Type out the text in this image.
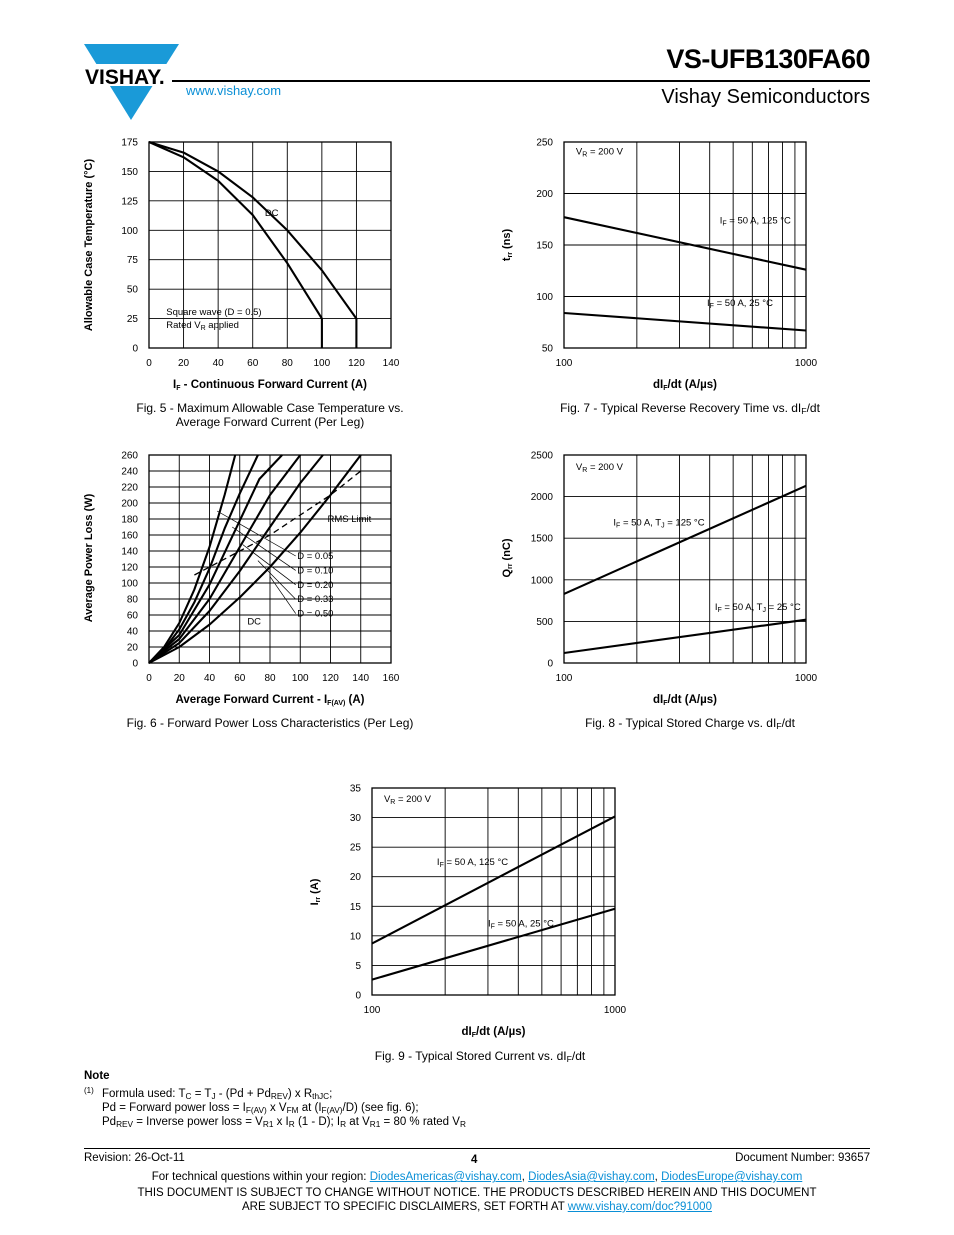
VISHAY.
VS-UFB130FA60
Vishay Semiconductors
www.vishay.com
0	20 40 60 80 100 120 140
0
25
50
75
100
125
150
175
IF - Continuous Forward Current (A)
Allowable Case Temperature (°C)	DC
Square wave (D = 0.5)
Rated $V_R$ applied
100	1000
50
100
150
200
250
dIF/dt (A/µs)
trr (ns)
$V_R = 200$ V
$I_F = 50$ A, 125 °C
$I_F = 50$ A, 25 °C
0 20 40 60 80 100 120 140 160
0
20
40
60
80
100
120
140
160
180
200
220
240
260
Average Forward Current - IF(AV) (A)
Average Power Loss (W)	RMS Limit
D = 0.05
D = 0.10
D = 0.20
D = 0.33
D = 0.50
DC
100	1000
0
500
1000
1500
2000
2500
dIF/dt (A/µs)
Qrr (nC)
$V_R = 200$ V
$I_F = 50$ A, $T_J = 125$ °C
$I_F = 50$ A, $T_J = 25$ °C
100	1000
0
5
10
15
20
25
30
35
dIF/dt (A/µs)
Irr (A)
$V_R = 200$ V
$I_F = 50$ A, 125 °C
$I_F = 50$ A, 25 °C
Fig. 5 - Maximum Allowable Case Temperature vs.
Average Forward Current (Per Leg)
Fig. 7 - Typical Reverse Recovery Time vs. $dI_F/dt$
Fig. 6 - Forward Power Loss Characteristics (Per Leg)	Fig. 8 - Typical Stored Charge vs. $dI_F/dt$
Fig. 9 - Typical Stored Current vs. $dI_F/dt$
Note
(1) Formula used: $T_C = T_J - (Pd + Pd_{REV})$ x $R_{thJC}$;
Pd = Forward power loss = $I_{F(AV)}$ x $V_{FM}$ at $(I_{F(AV)}/D)$ (see fig. 6);
$Pd_{REV}$ = Inverse power loss = $V_{R1}$ x $I_R$ (1 - D); $I_R$ at $V_{R1} = 80$ % rated $V_R$
Revision: 26-Oct-11	4	Document Number: 93657
For technical questions within your region: DiodesAmericas@vishay.com, DiodesAsia@vishay.com, DiodesEurope@vishay.com
THIS DOCUMENT IS SUBJECT TO CHANGE WITHOUT NOTICE. THE PRODUCTS DESCRIBED HEREIN AND THIS DOCUMENT
ARE SUBJECT TO SPECIFIC DISCLAIMERS, SET FORTH AT www.vishay.com/doc?91000
